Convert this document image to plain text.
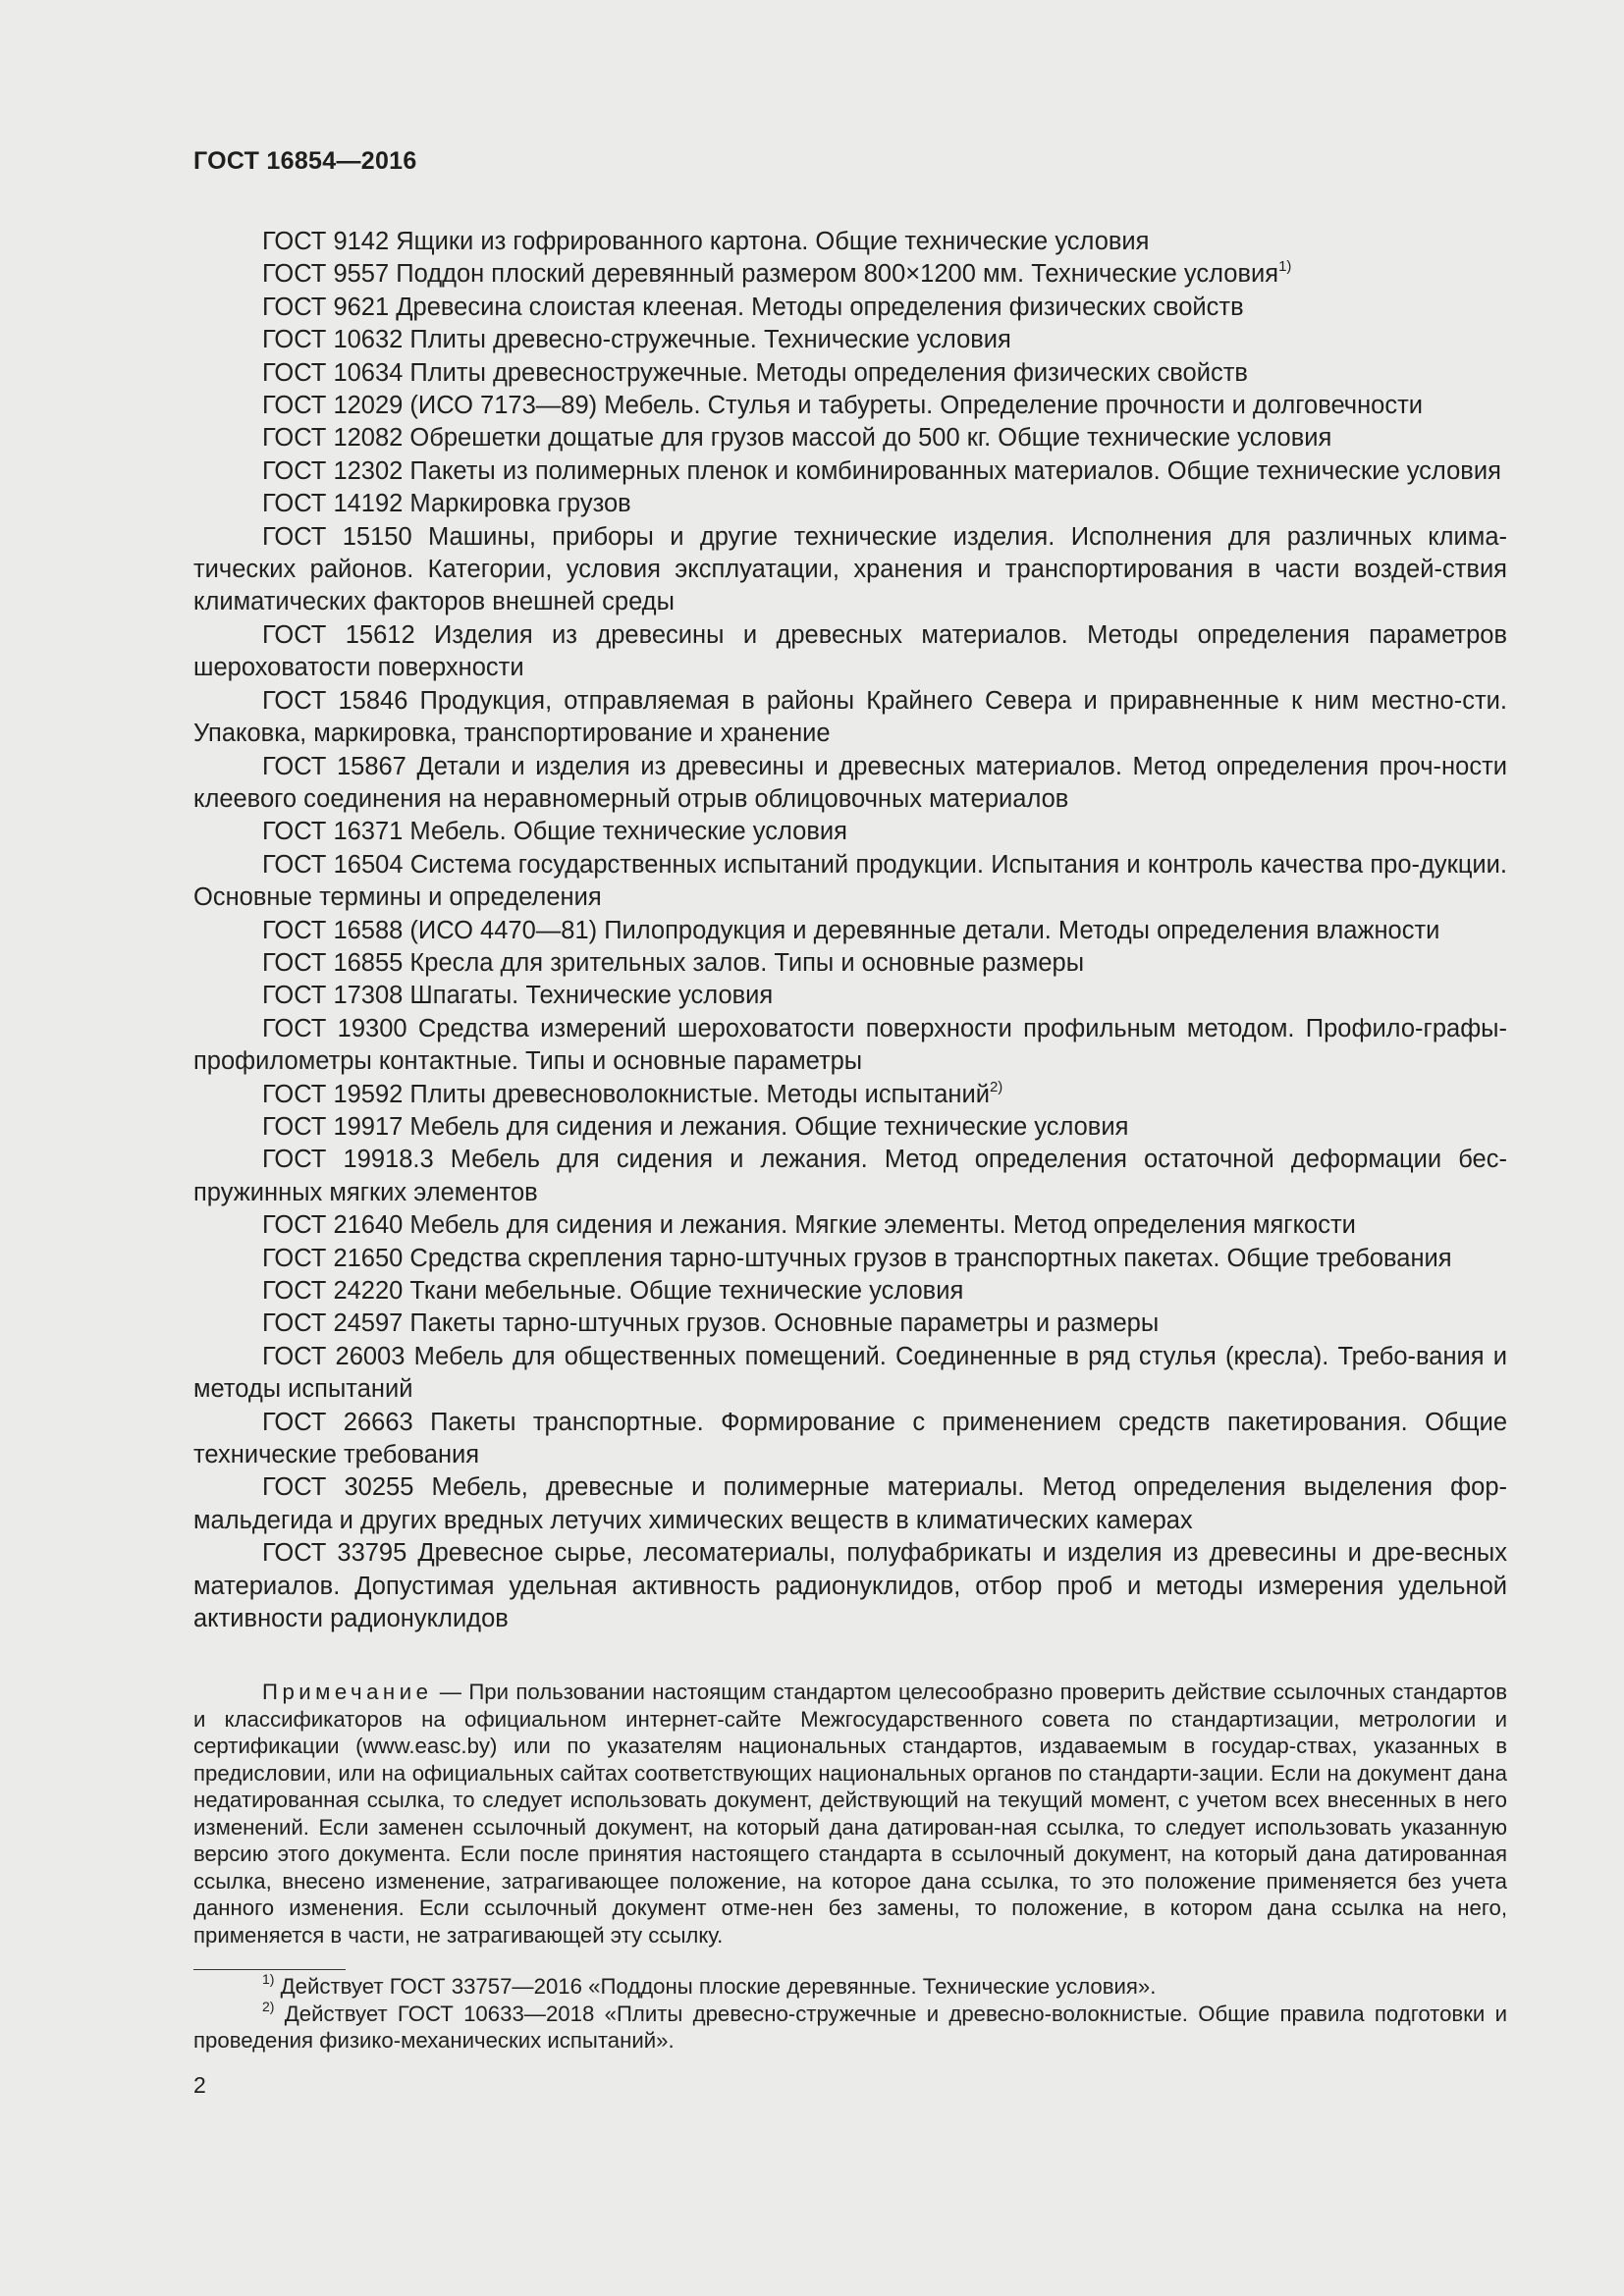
ГОСТ 16854—2016

ГОСТ 9142 Ящики из гофрированного картона. Общие технические условия

ГОСТ 9557 Поддон плоский деревянный размером 800×1200 мм. Технические условия$^{1)}$

ГОСТ 9621 Древесина слоистая клееная. Методы определения физических свойств

ГОСТ 10632 Плиты древесно-стружечные. Технические условия

ГОСТ 10634 Плиты древесностружечные. Методы определения физических свойств

ГОСТ 12029 (ИСО 7173—89) Мебель. Стулья и табуреты. Определение прочности и долговечности

ГОСТ 12082 Обрешетки дощатые для грузов массой до 500 кг. Общие технические условия

ГОСТ 12302 Пакеты из полимерных пленок и комбинированных материалов. Общие технические условия

ГОСТ 14192 Маркировка грузов

ГОСТ 15150 Машины, приборы и другие технические изделия. Исполнения для различных клима-тических районов. Категории, условия эксплуатации, хранения и транспортирования в части воздей-ствия климатических факторов внешней среды

ГОСТ 15612 Изделия из древесины и древесных материалов. Методы определения параметров шероховатости поверхности

ГОСТ 15846 Продукция, отправляемая в районы Крайнего Севера и приравненные к ним местно-сти. Упаковка, маркировка, транспортирование и хранение

ГОСТ 15867 Детали и изделия из древесины и древесных материалов. Метод определения проч-ности клеевого соединения на неравномерный отрыв облицовочных материалов

ГОСТ 16371 Мебель. Общие технические условия

ГОСТ 16504 Система государственных испытаний продукции. Испытания и контроль качества про-дукции. Основные термины и определения

ГОСТ 16588 (ИСО 4470—81) Пилопродукция и деревянные детали. Методы определения влажности

ГОСТ 16855 Кресла для зрительных залов. Типы и основные размеры

ГОСТ 17308 Шпагаты. Технические условия

ГОСТ 19300 Средства измерений шероховатости поверхности профильным методом. Профило-графы-профилометры контактные. Типы и основные параметры

ГОСТ 19592 Плиты древесноволокнистые. Методы испытаний$^{2)}$

ГОСТ 19917 Мебель для сидения и лежания. Общие технические условия

ГОСТ 19918.3 Мебель для сидения и лежания. Метод определения остаточной деформации бес-пружинных мягких элементов

ГОСТ 21640 Мебель для сидения и лежания. Мягкие элементы. Метод определения мягкости

ГОСТ 21650 Средства скрепления тарно-штучных грузов в транспортных пакетах. Общие требования

ГОСТ 24220 Ткани мебельные. Общие технические условия

ГОСТ 24597 Пакеты тарно-штучных грузов. Основные параметры и размеры

ГОСТ 26003 Мебель для общественных помещений. Соединенные в ряд стулья (кресла). Требо-вания и методы испытаний

ГОСТ 26663 Пакеты транспортные. Формирование с применением средств пакетирования. Общие технические требования

ГОСТ 30255 Мебель, древесные и полимерные материалы. Метод определения выделения фор-мальдегида и других вредных летучих химических веществ в климатических камерах

ГОСТ 33795 Древесное сырье, лесоматериалы, полуфабрикаты и изделия из древесины и дре-весных материалов. Допустимая удельная активность радионуклидов, отбор проб и методы измерения удельной активности радионуклидов

Примечание — При пользовании настоящим стандартом целесообразно проверить действие ссылочных стандартов и классификаторов на официальном интернет-сайте Межгосударственного совета по стандартизации, метрологии и сертификации (www.easc.by) или по указателям национальных стандартов, издаваемым в государ-ствах, указанных в предисловии, или на официальных сайтах соответствующих национальных органов по стандарти-зации. Если на документ дана недатированная ссылка, то следует использовать документ, действующий на текущий момент, с учетом всех внесенных в него изменений. Если заменен ссылочный документ, на который дана датирован-ная ссылка, то следует использовать указанную версию этого документа. Если после принятия настоящего стандарта в ссылочный документ, на который дана датированная ссылка, внесено изменение, затрагивающее положение, на которое дана ссылка, то это положение применяется без учета данного изменения. Если ссылочный документ отме-нен без замены, то положение, в котором дана ссылка на него, применяется в части, не затрагивающей эту ссылку.

$^{1)}$ Действует ГОСТ 33757—2016 «Поддоны плоские деревянные. Технические условия».

$^{2)}$ Действует ГОСТ 10633—2018 «Плиты древесно-стружечные и древесно-волокнистые. Общие правила подготовки и проведения физико-механических испытаний».

2
